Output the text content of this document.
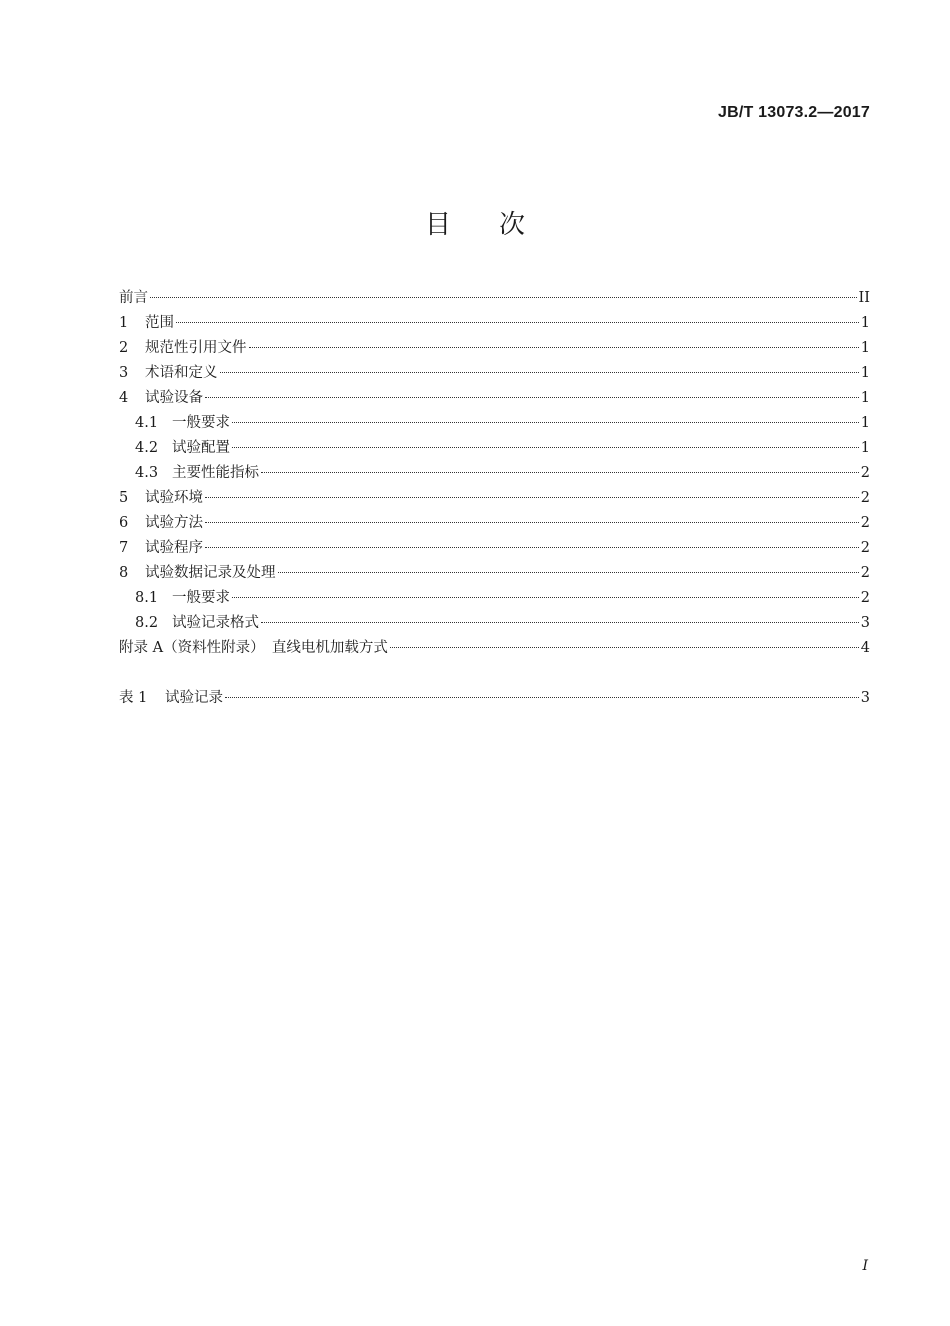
JB/T 13073.2—2017
目次
前言	II
1	范围	1
2	规范性引用文件	1
3	术语和定义	1
4	试验设备	1
4.1 一般要求	1
4.2 试验配置	1
4.3 主要性能指标	2
5	试验环境	2
6	试验方法	2
7	试验程序	2
8	试验数据记录及处理	2
8.1 一般要求	2
8.2 试验记录格式	3
附录 A（资料性附录）　直线电机加载方式	4
表 1	试验记录	3
I
